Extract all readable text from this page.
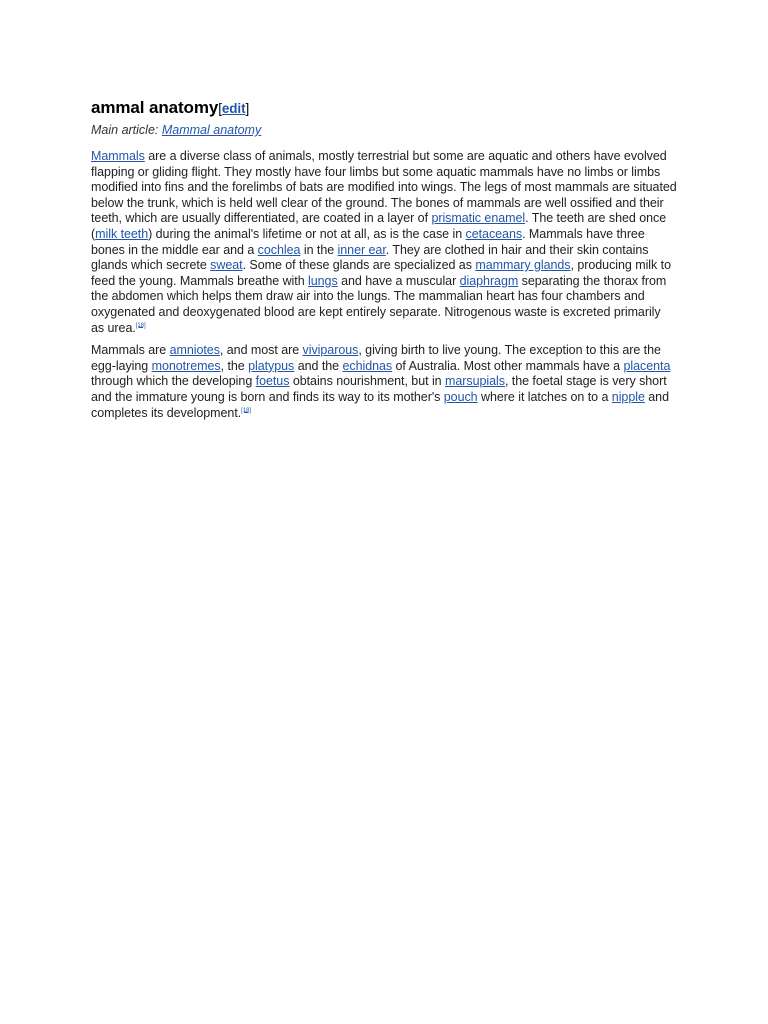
ammal anatomy[edit]
Main article: Mammal anatomy

Mammals are a diverse class of animals, mostly terrestrial but some are aquatic and others have evolved flapping or gliding flight. They mostly have four limbs but some aquatic mammals have no limbs or limbs modified into fins and the forelimbs of bats are modified into wings. The legs of most mammals are situated below the trunk, which is held well clear of the ground. The bones of mammals are well ossified and their teeth, which are usually differentiated, are coated in a layer of prismatic enamel. The teeth are shed once (milk teeth) during the animal's lifetime or not at all, as is the case in cetaceans. Mammals have three bones in the middle ear and a cochlea in the inner ear. They are clothed in hair and their skin contains glands which secrete sweat. Some of these glands are specialized as mammary glands, producing milk to feed the young. Mammals breathe with lungs and have a muscular diaphragm separating the thorax from the abdomen which helps them draw air into the lungs. The mammalian heart has four chambers and oxygenated and deoxygenated blood are kept entirely separate. Nitrogenous waste is excreted primarily as urea.[18]

Mammals are amniotes, and most are viviparous, giving birth to live young. The exception to this are the egg-laying monotremes, the platypus and the echidnas of Australia. Most other mammals have a placenta through which the developing foetus obtains nourishment, but in marsupials, the foetal stage is very short and the immature young is born and finds its way to its mother's pouch where it latches on to a nipple and completes its development.[18]
